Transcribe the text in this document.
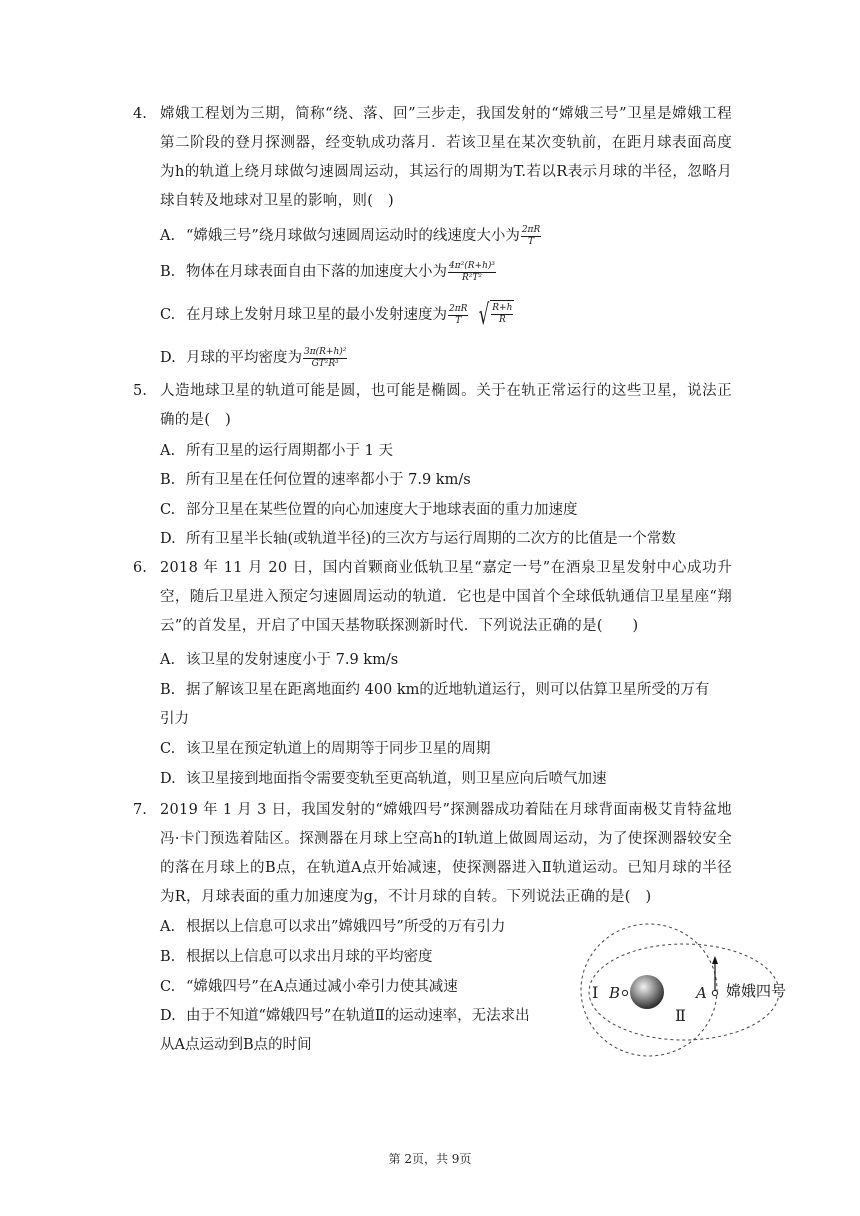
4. 嫦娥工程划为三期，简称“绕、落、回”三步走，我国发射的“嫦娥三号”卫星是嫦娥工程第二阶段的登月探测器，经变轨成功落月．若该卫星在某次变轨前，在距月球表面高度为h的轨道上绕月球做匀速圆周运动，其运行的周期为T.若以R表示月球的半径，忽略月球自转及地球对卫星的影响，则(　)
A. “嫦娥三号”绕月球做匀速圆周运动时的线速度大小为 $\frac{2\pi R}{T}$
B. 物体在月球表面自由下落的加速度大小为 $\frac{\text{4π²(R+h)³}}{\text{R²T²}}$
C. 在月球上发射月球卫星的最小发射速度为 $\frac{2\pi R}{T}$ √ $\frac{R+h}{R}$
D. 月球的平均密度为 $\frac{\text{3π(R+h)²}}{\text{GT²R³}}$
5. 人造地球卫星的轨道可能是圆，也可能是椭圆。关于在轨正常运行的这些卫星，说法正确的是(　)
A. 所有卫星的运行周期都小于 1 天
B. 所有卫星在任何位置的速率都小于 7.9 km/s
C. 部分卫星在某些位置的向心加速度大于地球表面的重力加速度
D. 所有卫星半长轴(或轨道半径)的三次方与运行周期的二次方的比值是一个常数
6. 2018 年 11 月 20 日，国内首颗商业低轨卫星“嘉定一号”在酒泉卫星发射中心成功升空，随后卫星进入预定匀速圆周运动的轨道．它也是中国首个全球低轨通信卫星星座“翔云”的首发星，开启了中国天基物联探测新时代．下列说法正确的是(　　)
A. 该卫星的发射速度小于 7.9 km/s
B. 据了解该卫星在距离地面约 400 km的近地轨道运行，则可以估算卫星所受的万有
引力
C. 该卫星在预定轨道上的周期等于同步卫星的周期
D. 该卫星接到地面指令需要变轨至更高轨道，则卫星应向后喷气加速
7. 2019 年 1 月 3 日，我国发射的“嫦娥四号”探测器成功着陆在月球背面南极艾肯特盆地冯·卡门预选着陆区。探测器在月球上空高h的Ⅰ轨道上做圆周运动，为了使探测器较安全的落在月球上的B点，在轨道A点开始减速，使探测器进入Ⅱ轨道运动。已知月球的半径为R，月球表面的重力加速度为g，不计月球的自转。下列说法正确的是(　)
A. 根据以上信息可以求出”嫦娥四号”所受的万有引力
B. 根据以上信息可以求出月球的平均密度
C. “嫦娥四号”在A点通过减小牵引力使其减速
D. 由于不知道“嫦娥四号”在轨道Ⅱ的运动速率，无法求出
从A点运动到B点的时间
Ⅰ B	A
Ⅱ
嫦娥四号
第 2页，共 9页
